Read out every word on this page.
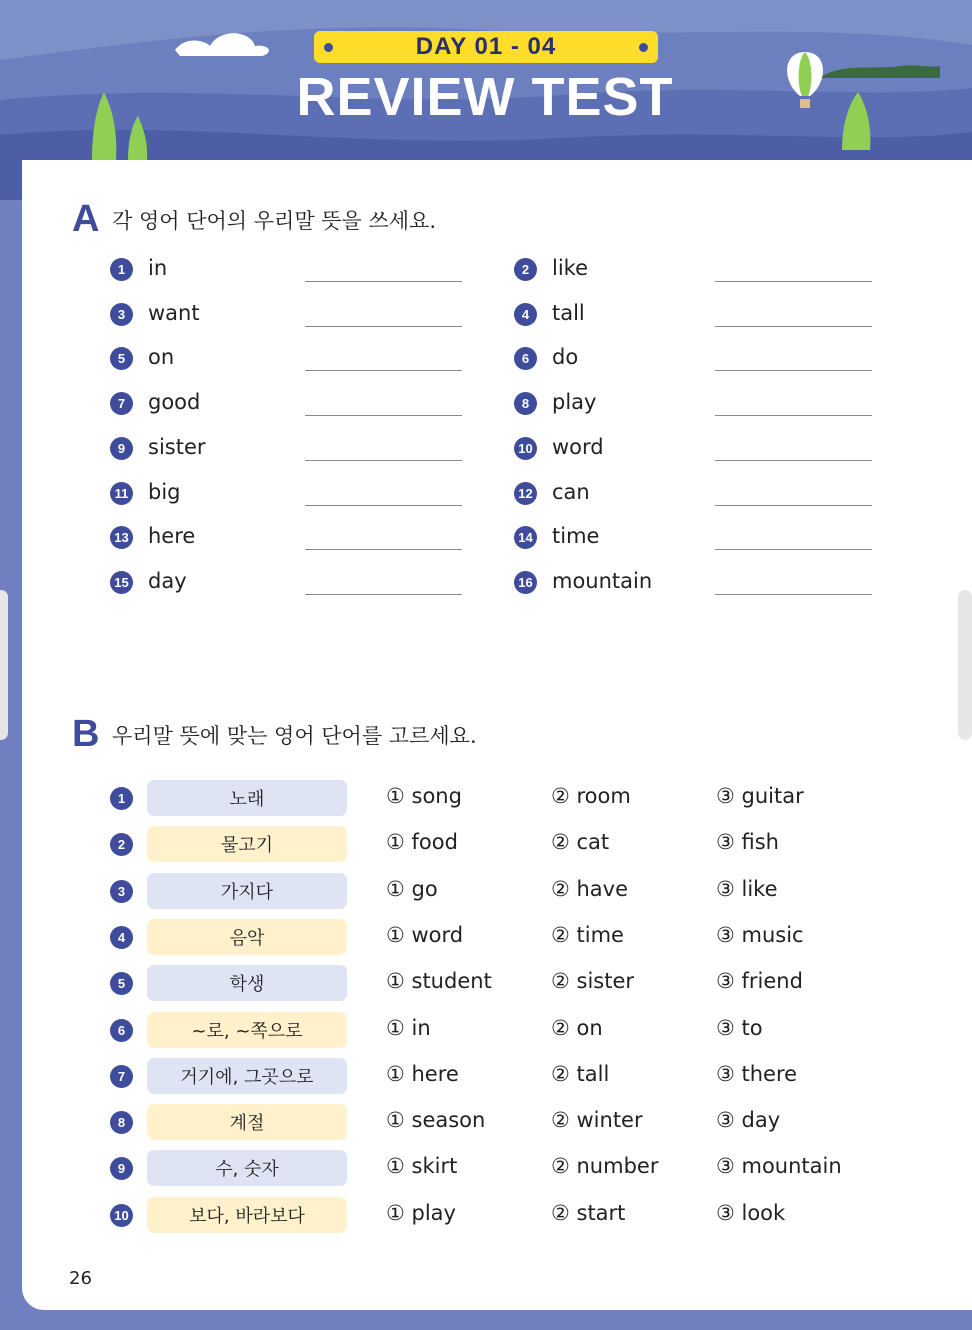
DAY 01 - 04
REVIEW TEST
A 각 영어 단어의 우리말 뜻을 쓰세요.
1	in	2	like
3	want	4	tall
5	on	6	do
7	good	8	play
9	sister	10 word
11 big	12 can
13 here	14 time
15 day	16 mountain
B 우리말 뜻에 맞는 영어 단어를 고르세요.
1	노래	① song	② room	③ guitar
2	물고기	① food	② cat	③ fish
3	가지다	① go	② have	③ like
4	음악	① word	② time	③ music
5	학생	① student	② sister	③ friend
6	~로, ~쪽으로	① in	② on	③ to
7	거기에, 그곳으로	① here	② tall	③ there
8	계절	① season	② winter	③ day
9	수, 숫자	① skirt	② number	③ mountain
10	보다, 바라보다	① play	② start	③ look
26
